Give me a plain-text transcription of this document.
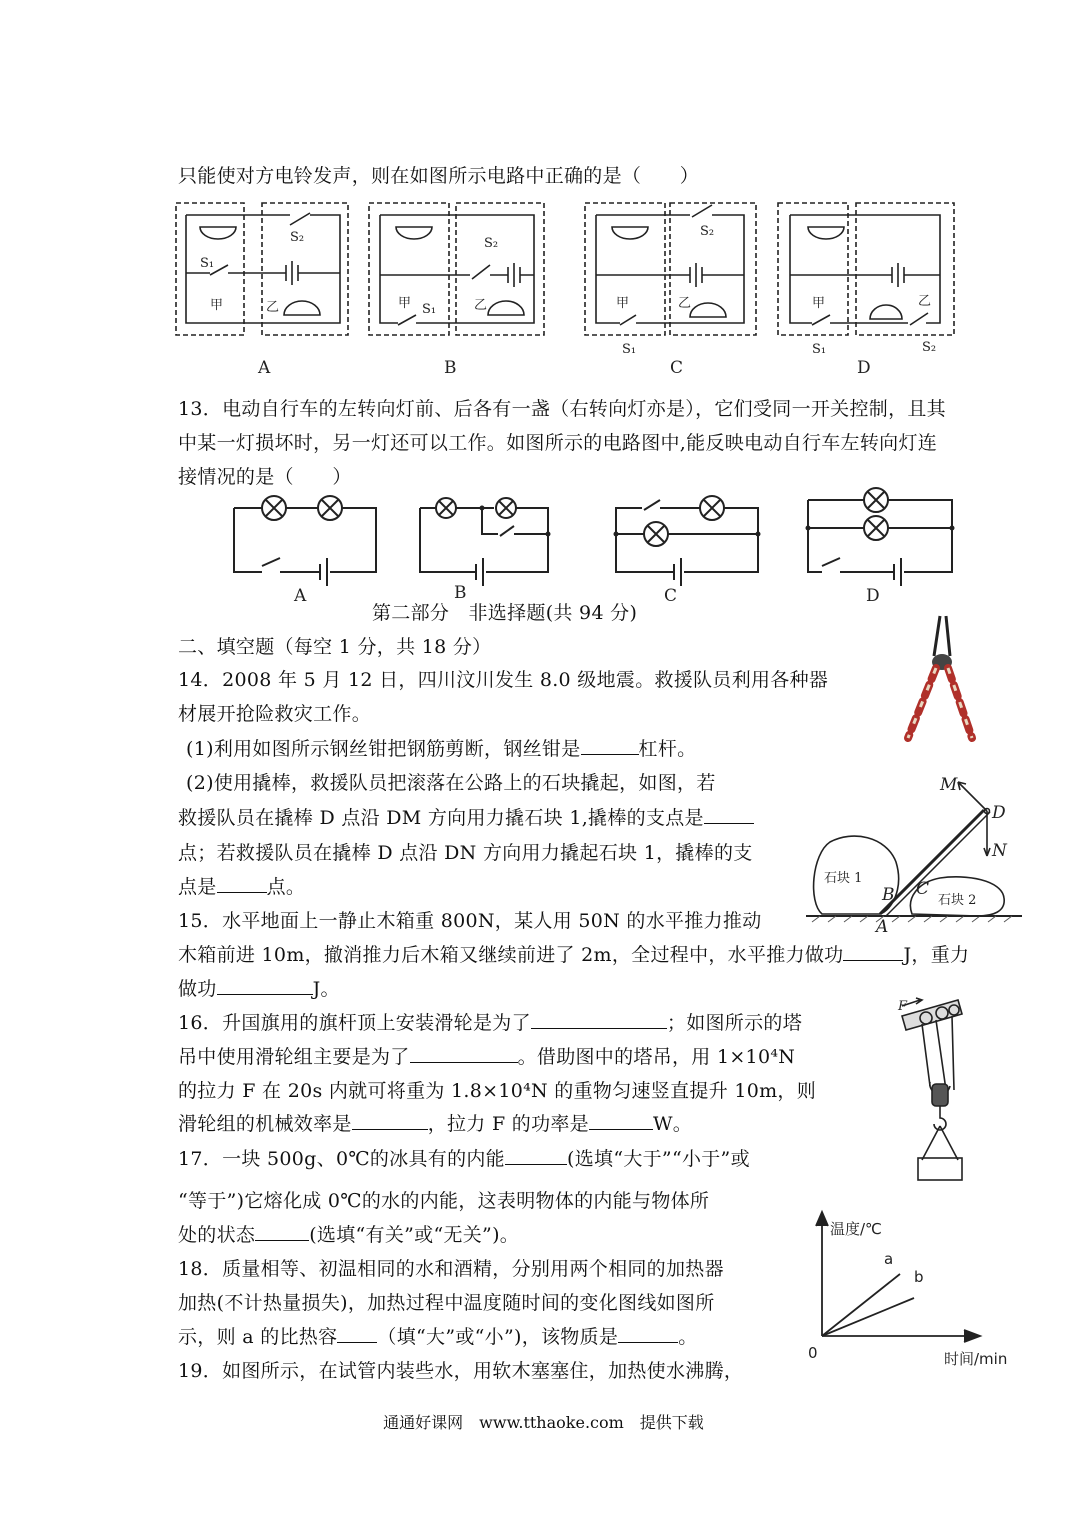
只能使对方电铃发声，则在如图所示电路中正确的是（　　）
S₂
S₁
甲	乙
S₂
甲 S₁	乙
S₂
甲	乙
S₁
甲	乙
S₁	S₂
A	B	C	D
13．电动自行车的左转向灯前、后各有一盏（右转向灯亦是），它们受同一开关控制，且其
中某一灯损坏时，另一灯还可以工作。如图所示的电路图中,能反映电动自行车左转向灯连
接情况的是（　　）
A	B	C	D
第二部分　非选择题(共 94 分)
二、填空题（每空 1 分，共 18 分）
14．2008 年 5 月 12 日，四川汶川发生 8.0 级地震。救援队员利用各种器
材展开抢险救灾工作。
(1)利用如图所示钢丝钳把钢筋剪断，钢丝钳是	杠杆。
(2)使用撬棒，救援队员把滚落在公路上的石块撬起，如图，若
救援队员在撬棒 D 点沿 DM 方向用力撬石块 1,撬棒的支点是
点；若救援队员在撬棒 D 点沿 DN 方向用力撬起石块 1，撬棒的支
点是	点。
M
D
N
B C
A
石块 1
石块 2
15．水平地面上一静止木箱重 800N，某人用 50N 的水平推力推动
木箱前进 10m，撤消推力后木箱又继续前进了 2m，全过程中，水平推力做功	J，重力
做功	J。
16．升国旗用的旗杆顶上安装滑轮是为了	；如图所示的塔
吊中使用滑轮组主要是为了	。借助图中的塔吊，用 1×10⁴N
的拉力 F 在 20s 内就可将重为 1.8×10⁴N 的重物匀速竖直提升 10m，则
滑轮组的机械效率是	，拉力 F 的功率是	W。
F
17．一块 500g、0℃的冰具有的内能	(选填“大于”“小于”或
“等于”)它熔化成 0℃的水的内能，这表明物体的内能与物体所
处的状态	(选填“有关”或“无关”)。
18．质量相等、初温相同的水和酒精，分别用两个相同的加热器
加热(不计热量损失)，加热过程中温度随时间的变化图线如图所
示，则 a 的比热容 （填“大”或“小”)，该物质是	。
温度/℃
时间/min
0
a
b
19．如图所示，在试管内装些水，用软木塞塞住，加热使水沸腾，
通通好课网　www.tthaoke.com　提供下载
